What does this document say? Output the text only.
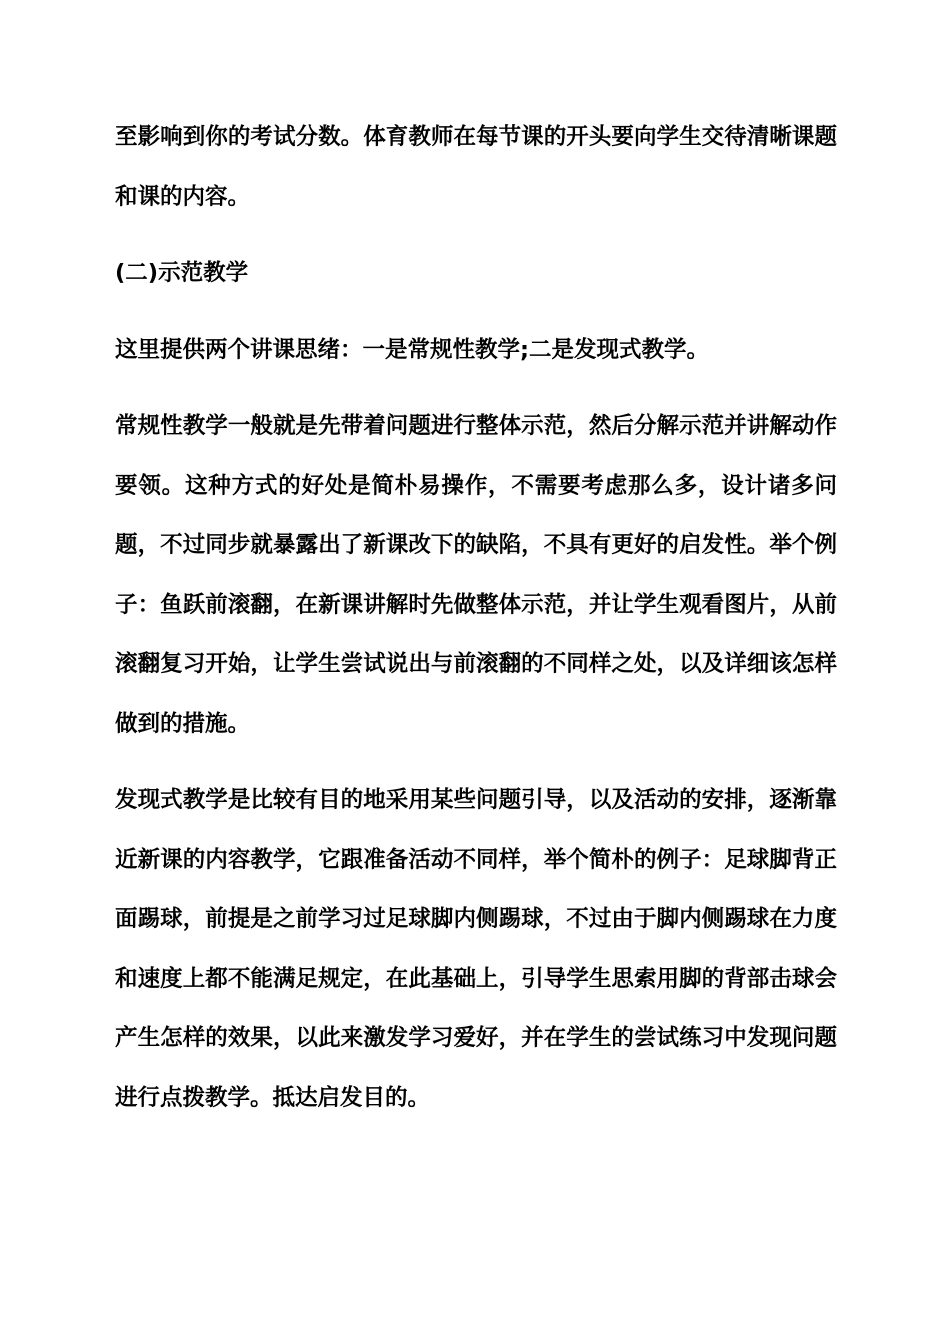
至影响到你的考试分数。体育教师在每节课的开头要向学生交待清晰课题和课的内容。

(二)示范教学

这里提供两个讲课思绪：一是常规性教学;二是发现式教学。

常规性教学一般就是先带着问题进行整体示范，然后分解示范并讲解动作要领。这种方式的好处是简朴易操作，不需要考虑那么多，设计诸多问题，不过同步就暴露出了新课改下的缺陷，不具有更好的启发性。举个例子：鱼跃前滚翻，在新课讲解时先做整体示范，并让学生观看图片，从前滚翻复习开始，让学生尝试说出与前滚翻的不同样之处，以及详细该怎样做到的措施。

发现式教学是比较有目的地采用某些问题引导，以及活动的安排，逐渐靠近新课的内容教学，它跟准备活动不同样，举个简朴的例子：足球脚背正面踢球，前提是之前学习过足球脚内侧踢球，不过由于脚内侧踢球在力度和速度上都不能满足规定，在此基础上，引导学生思索用脚的背部击球会产生怎样的效果，以此来激发学习爱好，并在学生的尝试练习中发现问题进行点拨教学。抵达启发目的。
